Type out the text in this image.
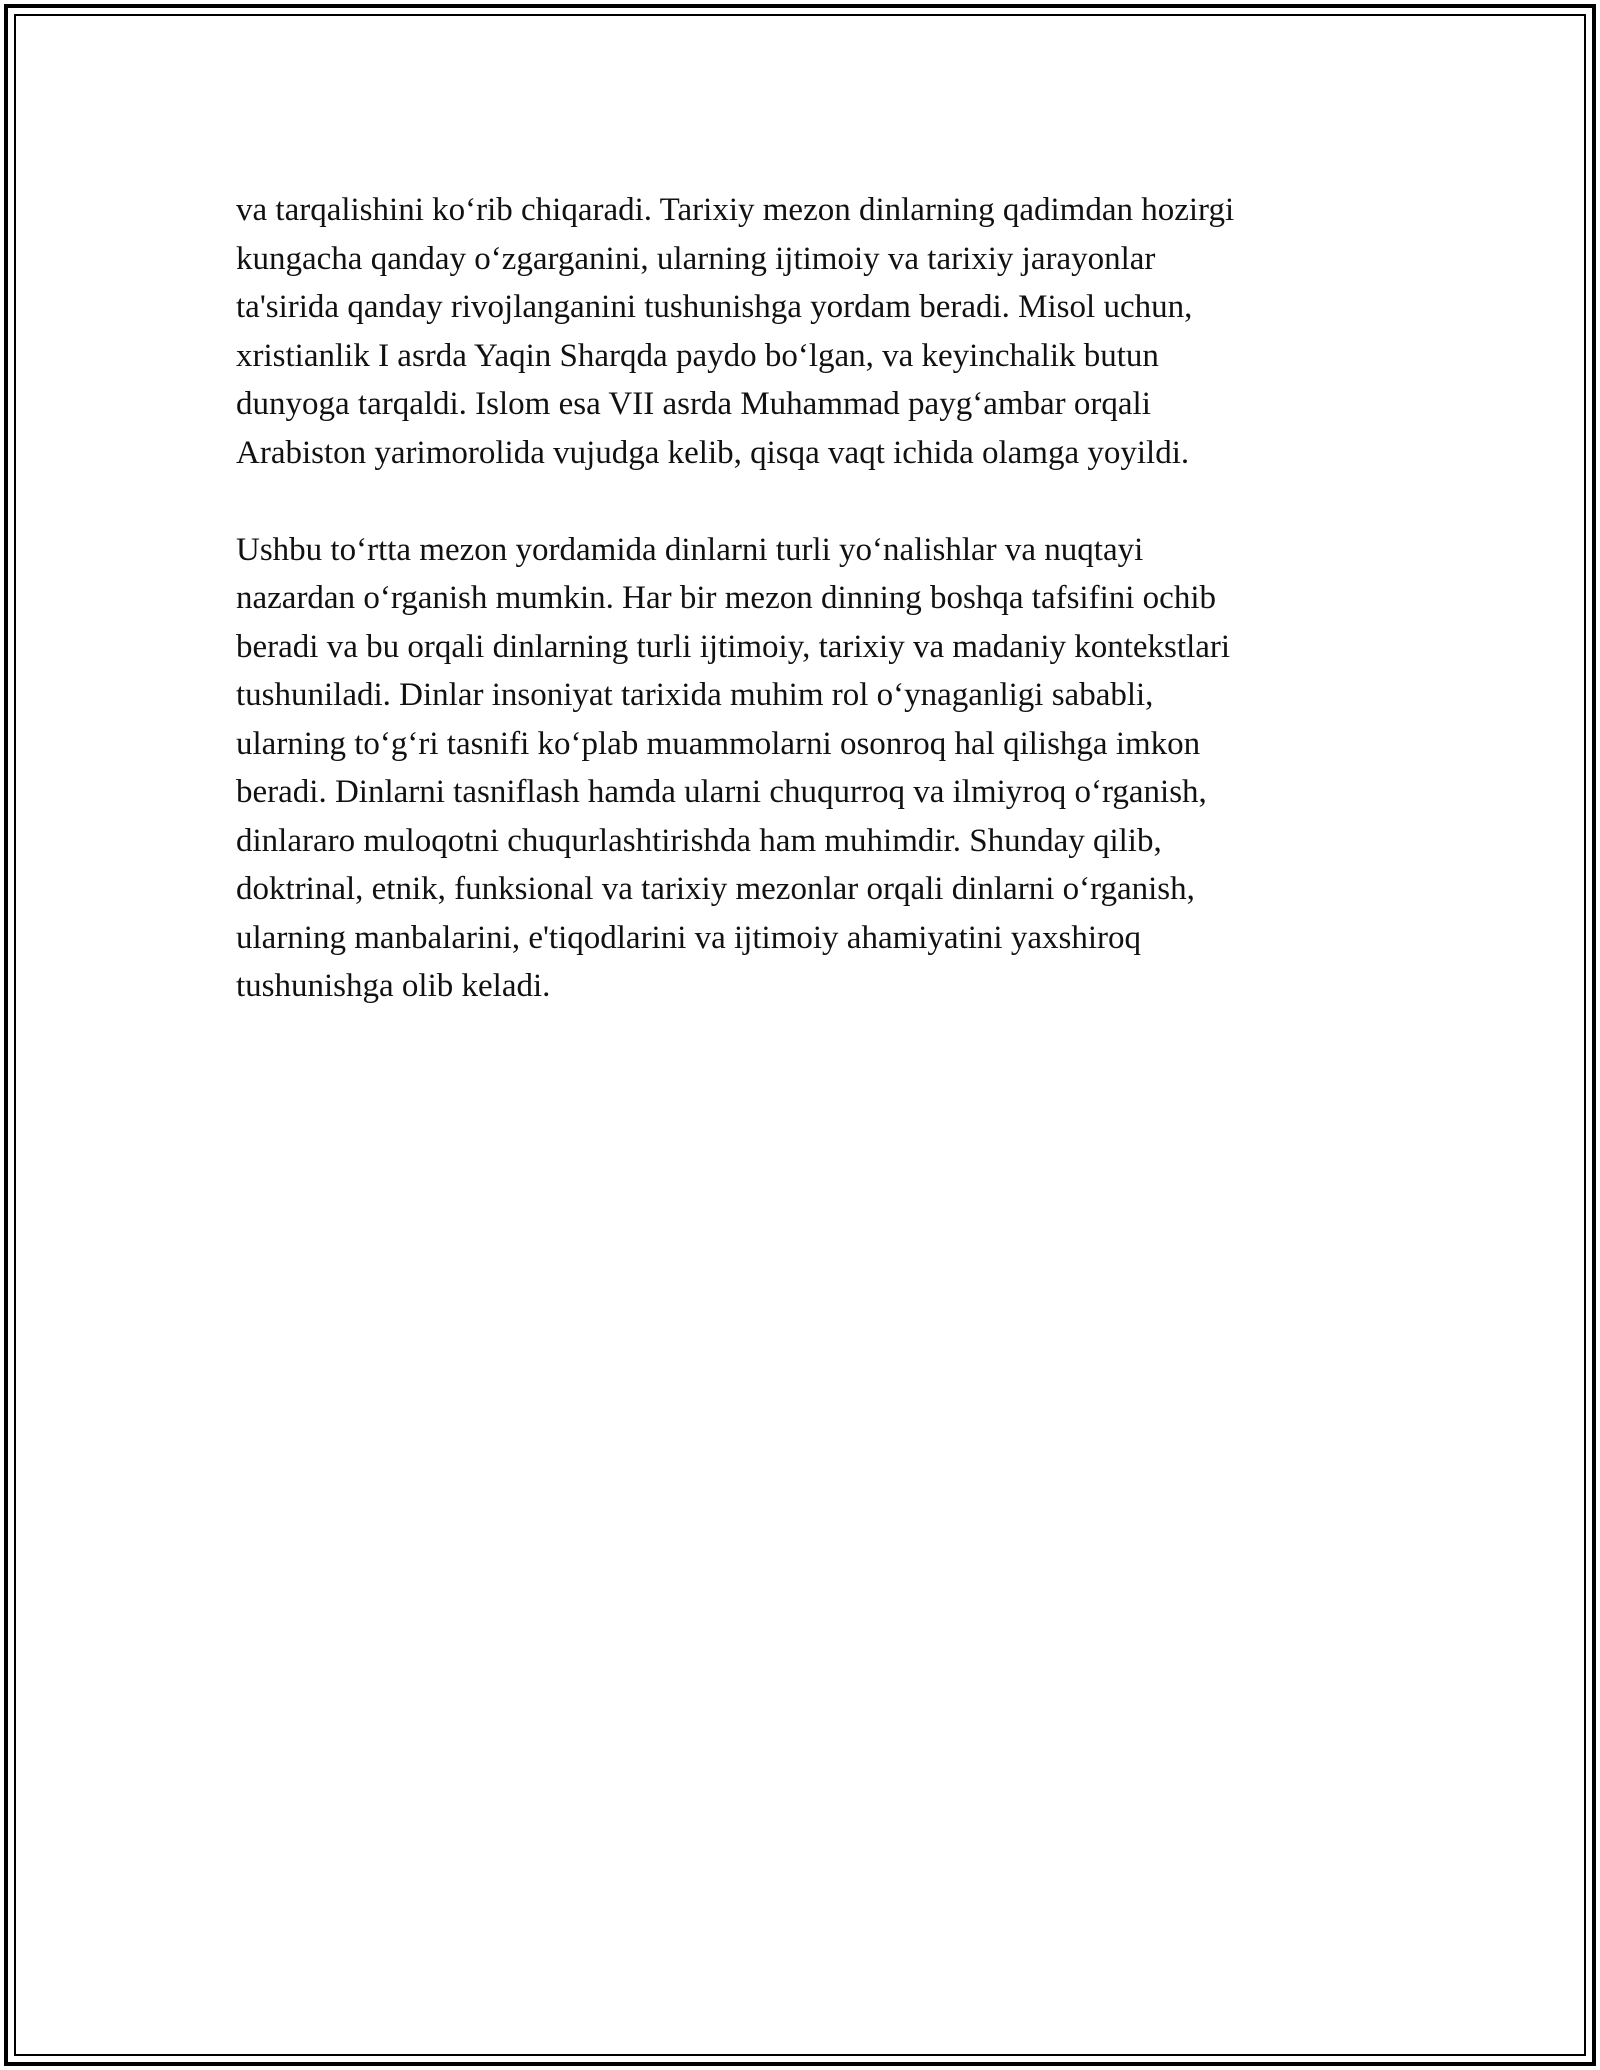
va tarqalishini ko‘rib chiqaradi. Tarixiy mezon dinlarning qadimdan hozirgi
kungacha qanday o‘zgarganini, ularning ijtimoiy va tarixiy jarayonlar
ta'sirida qanday rivojlanganini tushunishga yordam beradi. Misol uchun,
xristianlik I asrda Yaqin Sharqda paydo bo‘lgan, va keyinchalik butun
dunyoga tarqaldi. Islom esa VII asrda Muhammad payg‘ambar orqali
Arabiston yarimorolida vujudga kelib, qisqa vaqt ichida olamga yoyildi.
Ushbu to‘rtta mezon yordamida dinlarni turli yo‘nalishlar va nuqtayi
nazardan o‘rganish mumkin. Har bir mezon dinning boshqa tafsifini ochib
beradi va bu orqali dinlarning turli ijtimoiy, tarixiy va madaniy kontekstlari
tushuniladi. Dinlar insoniyat tarixida muhim rol o‘ynaganligi sababli,
ularning to‘g‘ri tasnifi ko‘plab muammolarni osonroq hal qilishga imkon
beradi. Dinlarni tasniflash hamda ularni chuqurroq va ilmiyroq o‘rganish,
dinlararo muloqotni chuqurlashtirishda ham muhimdir. Shunday qilib,
doktrinal, etnik, funksional va tarixiy mezonlar orqali dinlarni o‘rganish,
ularning manbalarini, e'tiqodlarini va ijtimoiy ahamiyatini yaxshiroq
tushunishga olib keladi.
